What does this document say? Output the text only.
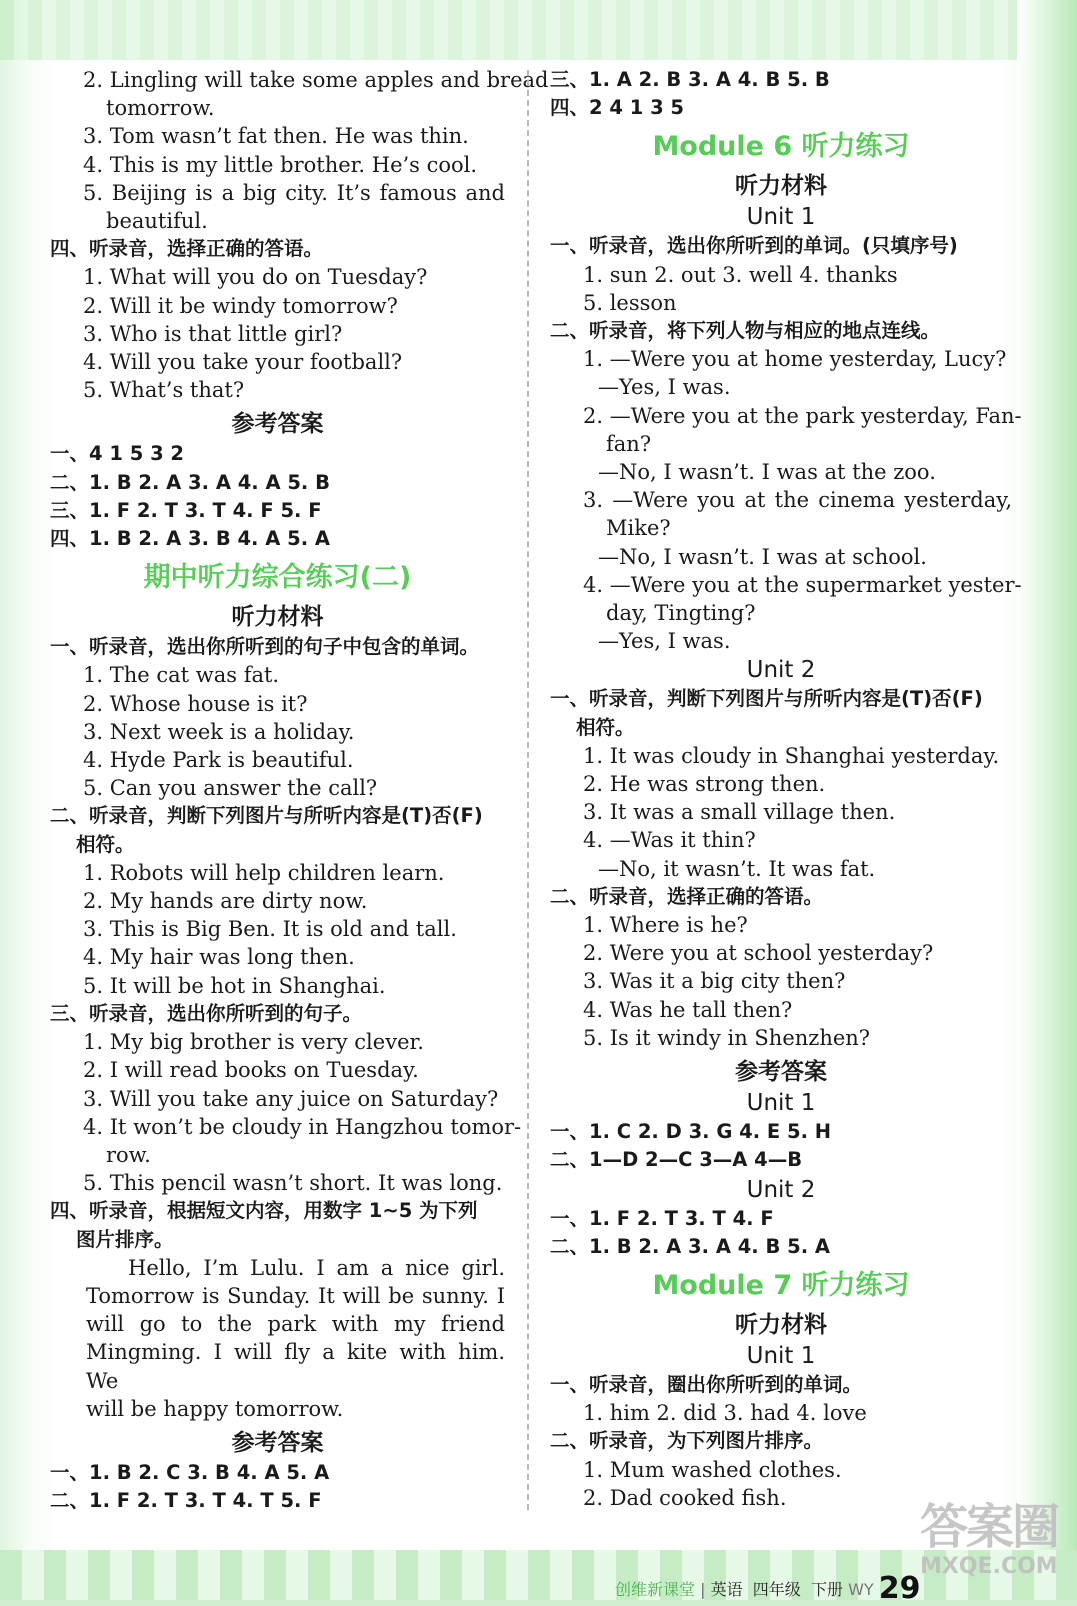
2. Lingling will take some apples and bread
tomorrow.
3. Tom wasn’t fat then. He was thin.
4. This is my little brother. He’s cool.
5. Beijing is a big city. It’s famous and
beautiful.
四、听录音，选择正确的答语。
1. What will you do on Tuesday?
2. Will it be windy tomorrow?
3. Who is that little girl?
4. Will you take your football?
5. What’s that?
参考答案
一、4 1 5 3 2
二、1. B 2. A 3. A 4. A 5. B
三、1. F 2. T 3. T 4. F 5. F
四、1. B 2. A 3. B 4. A 5. A
期中听力综合练习(二)
听力材料
一、听录音，选出你所听到的句子中包含的单词。
1. The cat was fat.
2. Whose house is it?
3. Next week is a holiday.
4. Hyde Park is beautiful.
5. Can you answer the call?
二、听录音，判断下列图片与所听内容是(T)否(F)
相符。
1. Robots will help children learn.
2. My hands are dirty now.
3. This is Big Ben. It is old and tall.
4. My hair was long then.
5. It will be hot in Shanghai.
三、听录音，选出你所听到的句子。
1. My big brother is very clever.
2. I will read books on Tuesday.
3. Will you take any juice on Saturday?
4. It won’t be cloudy in Hangzhou tomor-
row.
5. This pencil wasn’t short. It was long.
四、听录音，根据短文内容，用数字 1~5 为下列
图片排序。
Hello, I’m Lulu. I am a nice girl.
Tomorrow is Sunday. It will be sunny. I
will go to the park with my friend
Mingming. I will fly a kite with him. We
will be happy tomorrow.
参考答案
一、1. B 2. C 3. B 4. A 5. A
二、1. F 2. T 3. T 4. T 5. F
三、1. A 2. B 3. A 4. B 5. B
四、2 4 1 3 5
Module 6 听力练习
听力材料
Unit 1
一、听录音，选出你所听到的单词。(只填序号)
1. sun 2. out 3. well 4. thanks
5. lesson
二、听录音，将下列人物与相应的地点连线。
1. —Were you at home yesterday, Lucy?
—Yes, I was.
2. —Were you at the park yesterday, Fan-
fan?
—No, I wasn’t. I was at the zoo.
3. —Were you at the cinema yesterday,
Mike?
—No, I wasn’t. I was at school.
4. —Were you at the supermarket yester-
day, Tingting?
—Yes, I was.
Unit 2
一、听录音，判断下列图片与所听内容是(T)否(F)
相符。
1. It was cloudy in Shanghai yesterday.
2. He was strong then.
3. It was a small village then.
4. —Was it thin?
—No, it wasn’t. It was fat.
二、听录音，选择正确的答语。
1. Where is he?
2. Were you at school yesterday?
3. Was it a big city then?
4. Was he tall then?
5. Is it windy in Shenzhen?
参考答案
Unit 1
一、1. C 2. D 3. G 4. E 5. H
二、1—D 2—C 3—A 4—B
Unit 2
一、1. F 2. T 3. T 4. F
二、1. B 2. A 3. A 4. B 5. A
Module 7 听力练习
听力材料
Unit 1
一、听录音，圈出你所听到的单词。
1. him 2. did 3. had 4. love
二、听录音，为下列图片排序。
1. Mum washed clothes.
2. Dad cooked fish.
创维新课堂 | 英语 四年级 下册 WY 29
答案圈
MXQE.COM
